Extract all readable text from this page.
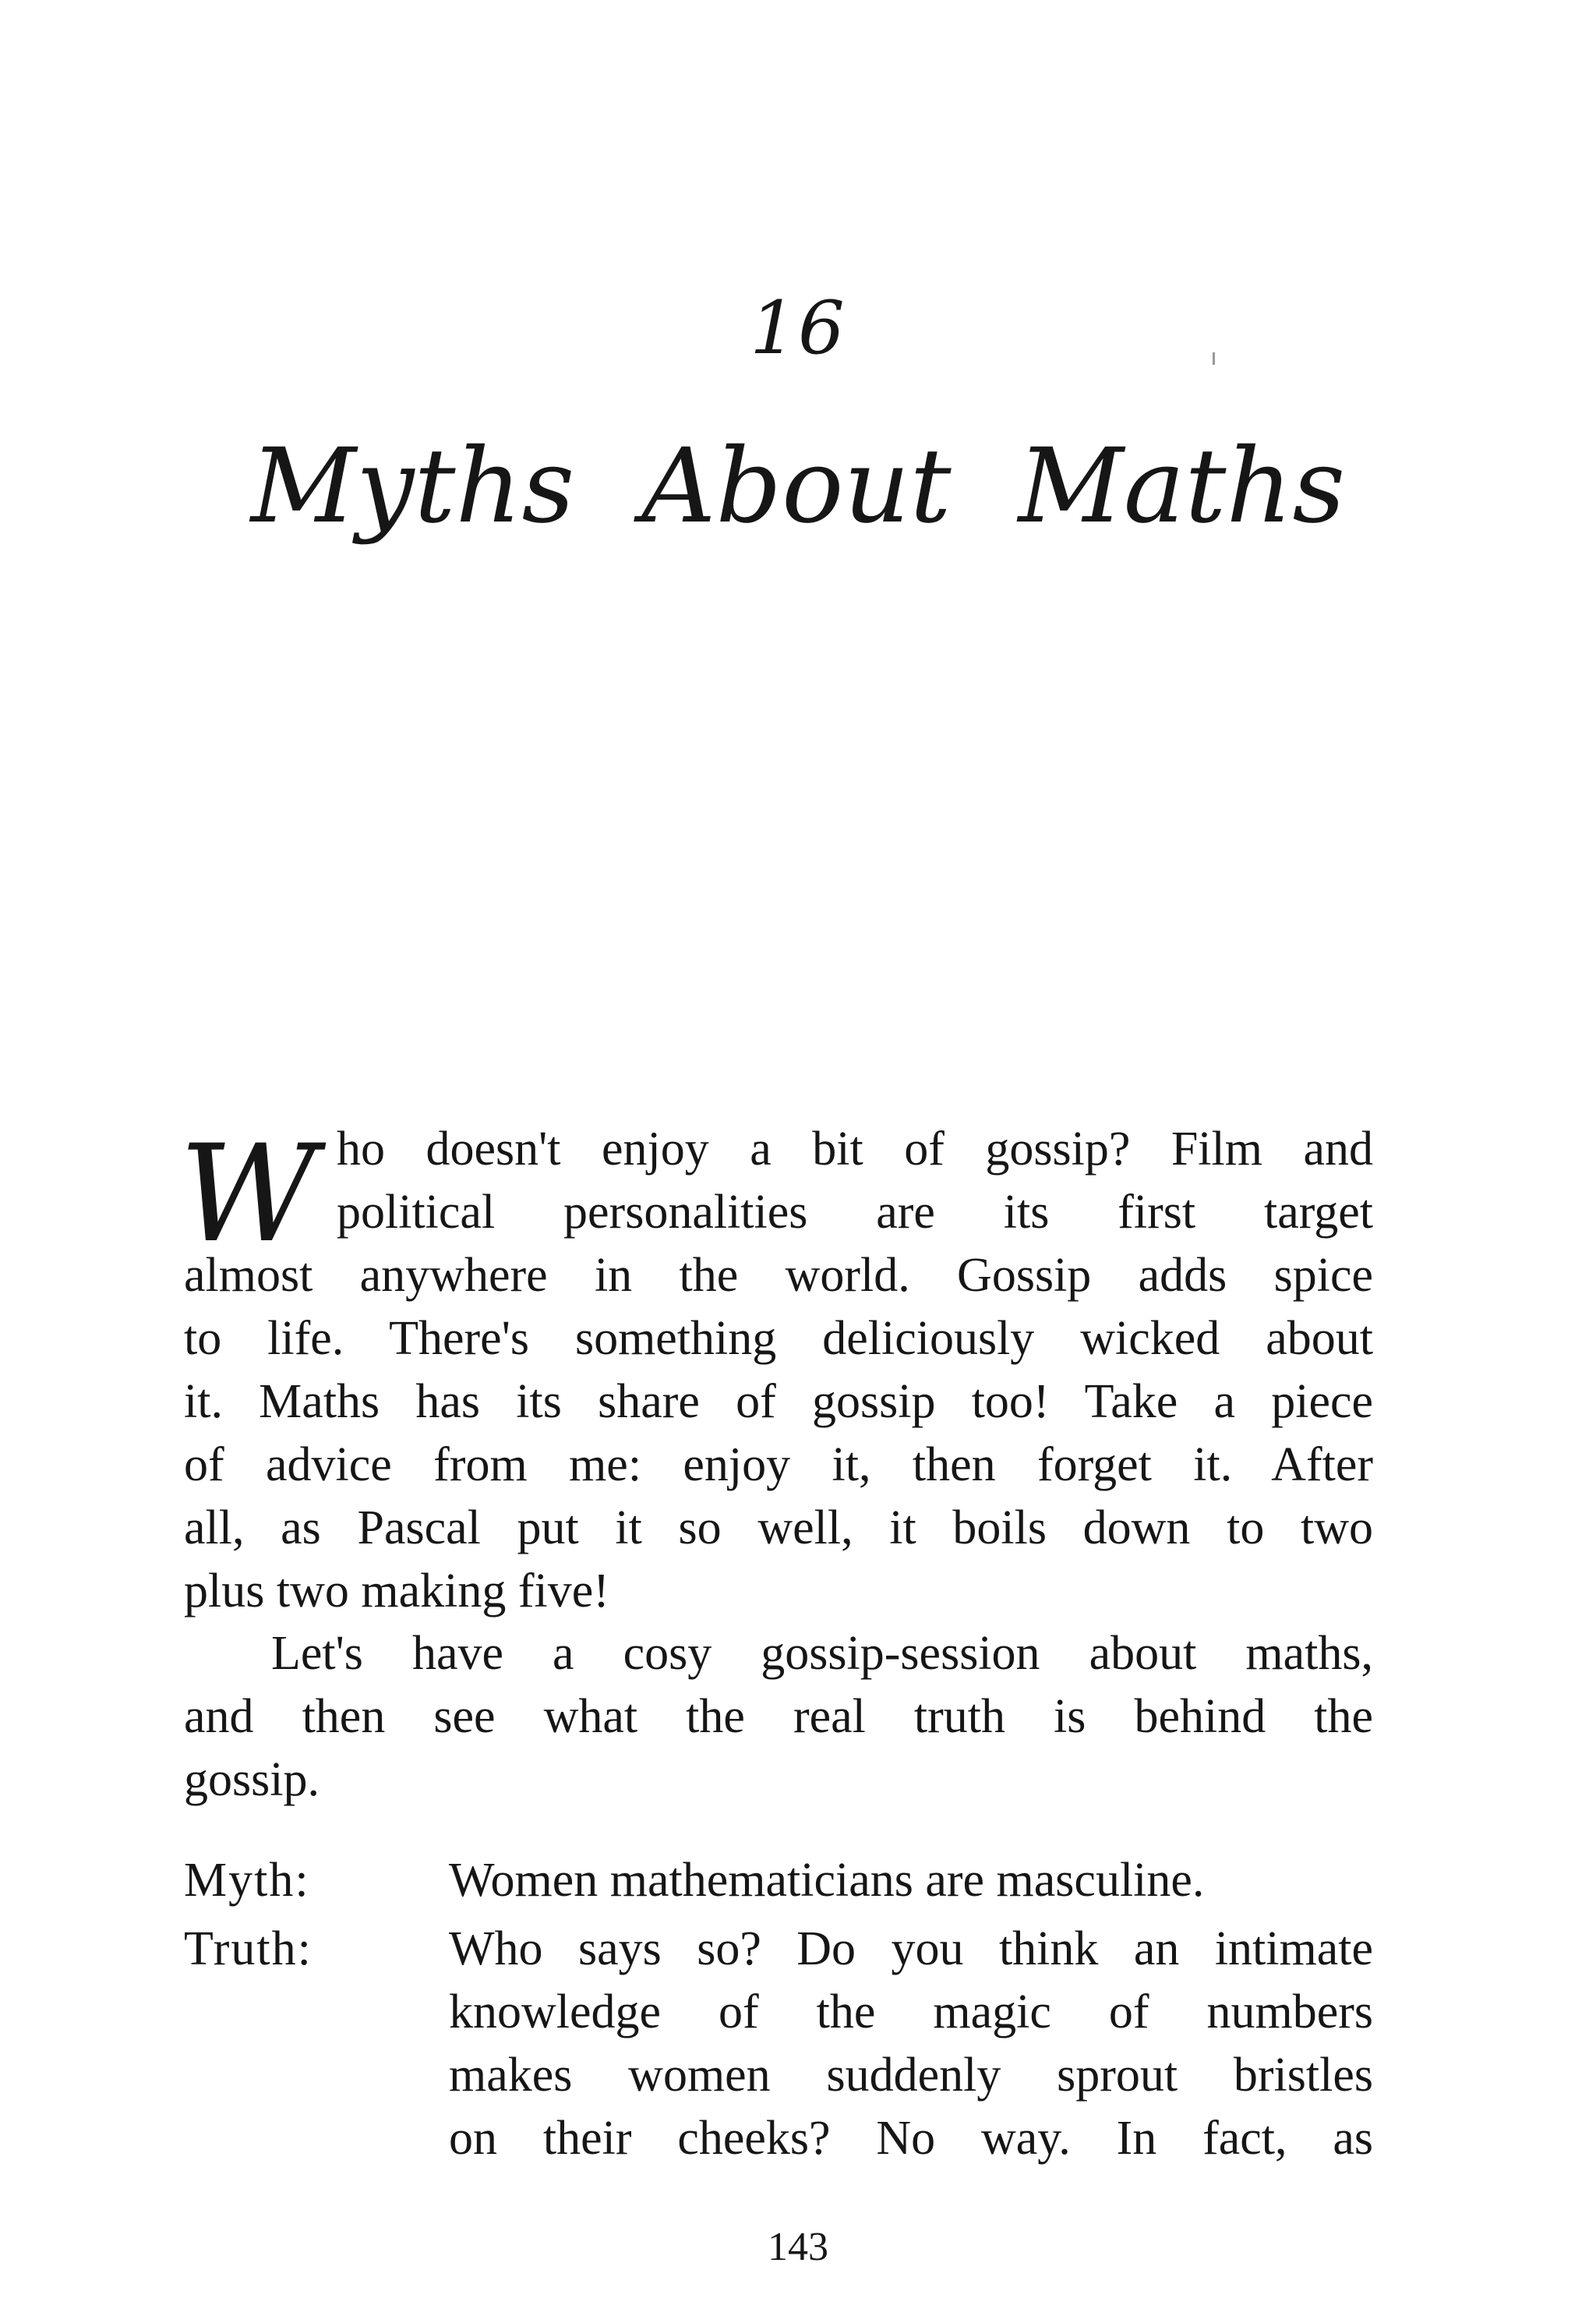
16
Myths About Maths
W ho doesn't enjoy a bit of gossip? Film and
political personalities are its first target
almost anywhere in the world. Gossip adds spice
to life. There's something deliciously wicked about
it. Maths has its share of gossip too! Take a piece
of advice from me: enjoy it, then forget it. After
all, as Pascal put it so well, it boils down to two
plus two making five!
Let's have a cosy gossip-session about maths,
and then see what the real truth is behind the
gossip.
Myth:	Women mathematicians are masculine.
Truth:	Who says so? Do you think an intimate
knowledge of the magic of numbers
makes women suddenly sprout bristles
on their cheeks? No way. In fact, as
143
